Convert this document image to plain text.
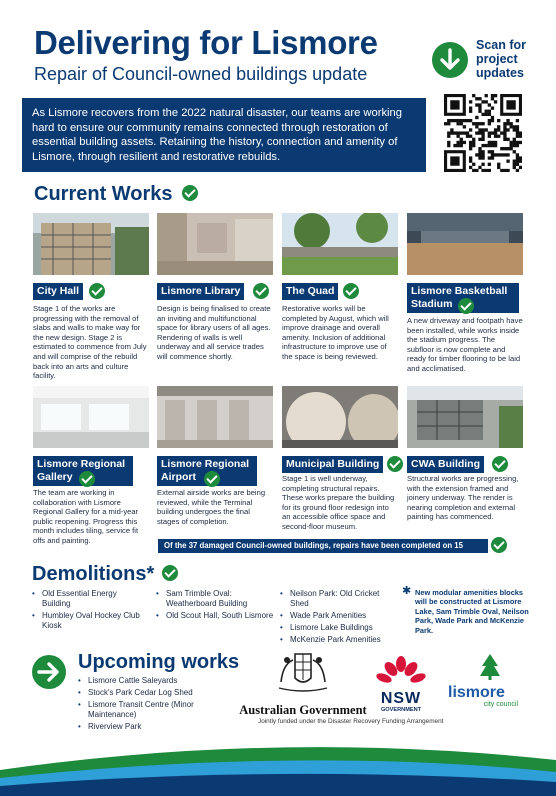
Delivering for Lismore
Repair of Council-owned buildings update
Scan for
project
updates
As Lismore recovers from the 2022 natural disaster, our teams are working hard to ensure our community remains connected through restoration of essential building assets. Retaining the history, connection and amenity of Lismore, through resilient and restorative rebuilds.
Current Works
City Hall	Lismore Library	The Quad	Lismore Basketball Stadium
Stage 1 of the works are progressing with the removal of slabs and walls to make way for the new design. Stage 2 is estimated to commence from July and will comprise of the rebuild back into an arts and culture facility.
Design is being finalised to create an inviting and multifunctional space for library users of all ages. Rendering of walls is well underway and all service trades will commence shortly.
Restorative works will be completed by August, which will improve drainage and overall amenity. Inclusion of additional infrastructure to improve use of the space is being reviewed.
A new driveway and footpath have been installed, while works inside the stadium progress. The subfloor is now complete and ready for timber flooring to be laid and acclimatised.
Lismore Regional Gallery
Lismore Regional Airport
Municipal Building	CWA Building
The team are working in collaboration with Lismore Regional Gallery for a mid-year public reopening. Progress this month includes tiling, service fit offs and painting.
External airside works are being reviewed, while the Terminal building undergoes the final stages of completion.
Stage 1 is well underway, completing structural repairs. These works prepare the building for its ground floor redesign into an accessible office space and second-floor museum.
Structural works are progressing, with the extension framed and joinery underway. The render is nearing completion and external painting has commenced.
Of the 37 damaged Council-owned buildings, repairs have been completed on 15
Demolitions*
• Old Essential Energy Building
• Humbley Oval Hockey Club Kiosk
• Sam Trimble Oval: Weatherboard Building
• Old Scout Hall, South Lismore
• Neilson Park: Old Cricket Shed
• Wade Park Amenities
• Lismore Lake Buildings
• McKenzie Park Amenities
✱ New modular amenities blocks will be constructed at Lismore Lake, Sam Trimble Oval, Neilson Park, Wade Park and McKenzie Park.
Upcoming works
• Lismore Cattle Saleyards
• Stock's Park Cedar Log Shed
• Lismore Transit Centre (Minor Maintenance)
• Riverview Park
Australian Government
NSW
GOVERNMENT
lismore
city council
Jointly funded under the Disaster Recovery Funding Arrangement
